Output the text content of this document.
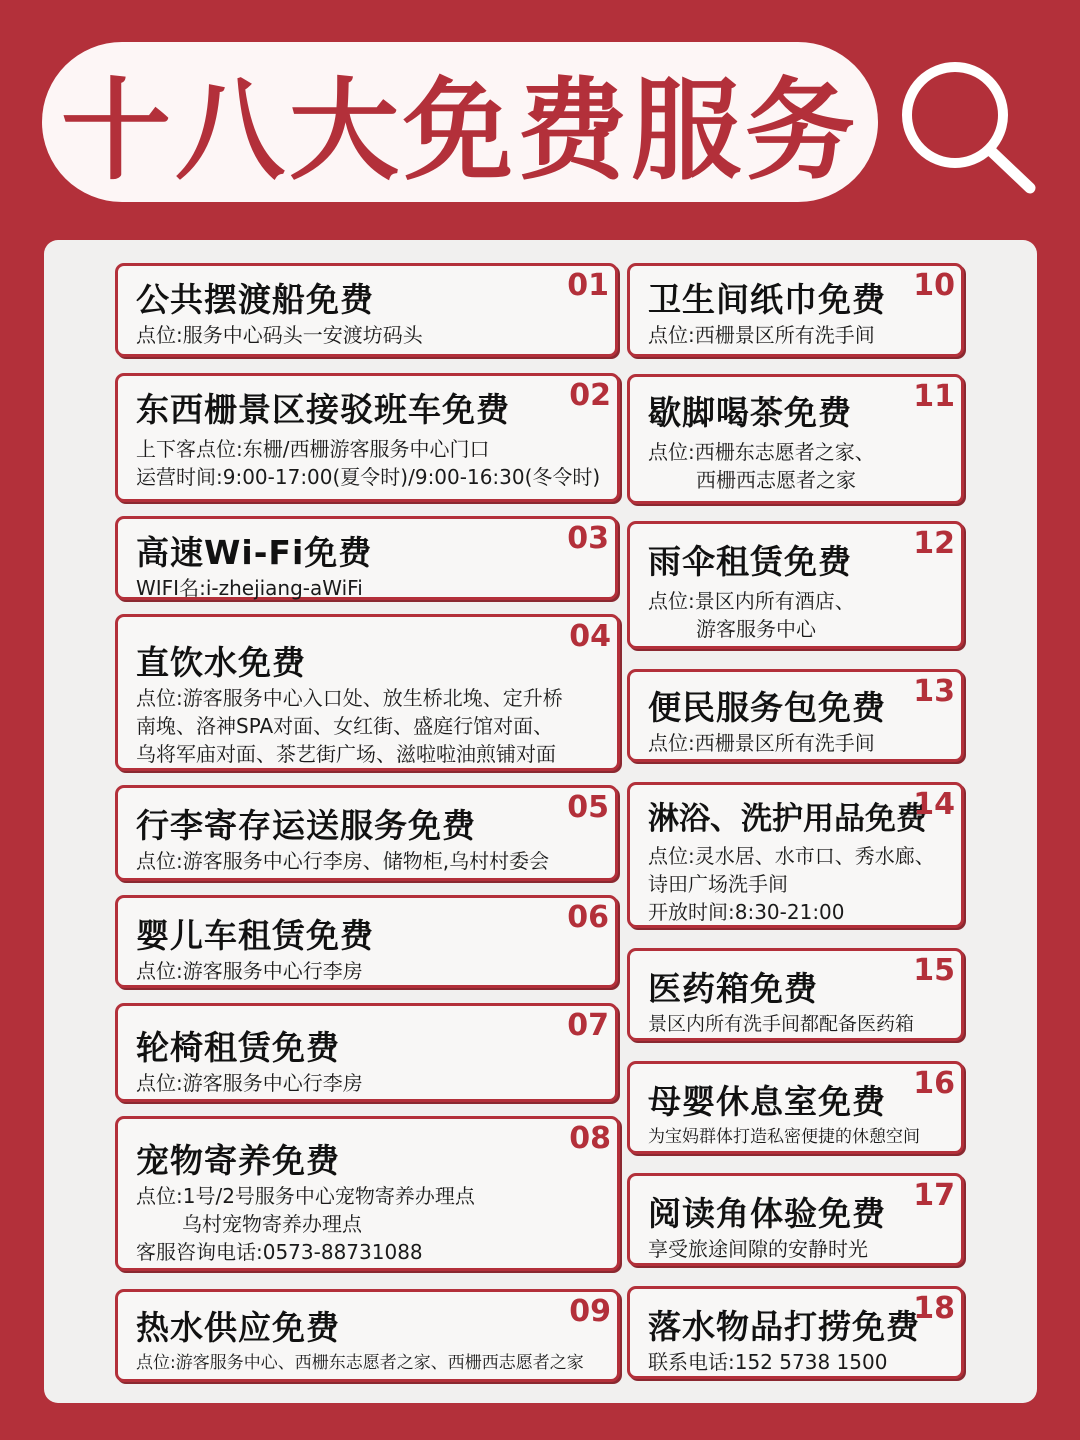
十八大免费服务
01
公共摆渡船免费
点位:服务中心码头一安渡坊码头
02
东西栅景区接驳班车免费
上下客点位:东栅/西栅游客服务中心门口
运营时间:9:00-17:00(夏令时)/9:00-16:30(冬令时)
03
高速Wi-Fi免费
WIFI名:i-zhejiang-aWiFi
04
直饮水免费
点位:游客服务中心入口处、放生桥北堍、定升桥
南堍、洛神SPA对面、女红街、盛庭行馆对面、
乌将军庙对面、茶艺街广场、滋啦啦油煎铺对面
05
行李寄存运送服务免费
点位:游客服务中心行李房、储物柜,乌村村委会
06
婴儿车租赁免费
点位:游客服务中心行李房
07
轮椅租赁免费
点位:游客服务中心行李房
08
宠物寄养免费
点位:1号/2号服务中心宠物寄养办理点
乌村宠物寄养办理点
客服咨询电话:0573-88731088
09
热水供应免费
点位:游客服务中心、西栅东志愿者之家、西栅西志愿者之家
10
卫生间纸巾免费
点位:西栅景区所有洗手间
11
歇脚喝茶免费
点位:西栅东志愿者之家、
西栅西志愿者之家
12
雨伞租赁免费
点位:景区内所有酒店、
游客服务中心
13
便民服务包免费
点位:西栅景区所有洗手间
14
淋浴、洗护用品免费
点位:灵水居、水市口、秀水廊、
诗田广场洗手间
开放时间:8:30-21:00
15
医药箱免费
景区内所有洗手间都配备医药箱
16
母婴休息室免费
为宝妈群体打造私密便捷的休憩空间
17
阅读角体验免费
享受旅途间隙的安静时光
18
落水物品打捞免费
联系电话:152 5738 1500
